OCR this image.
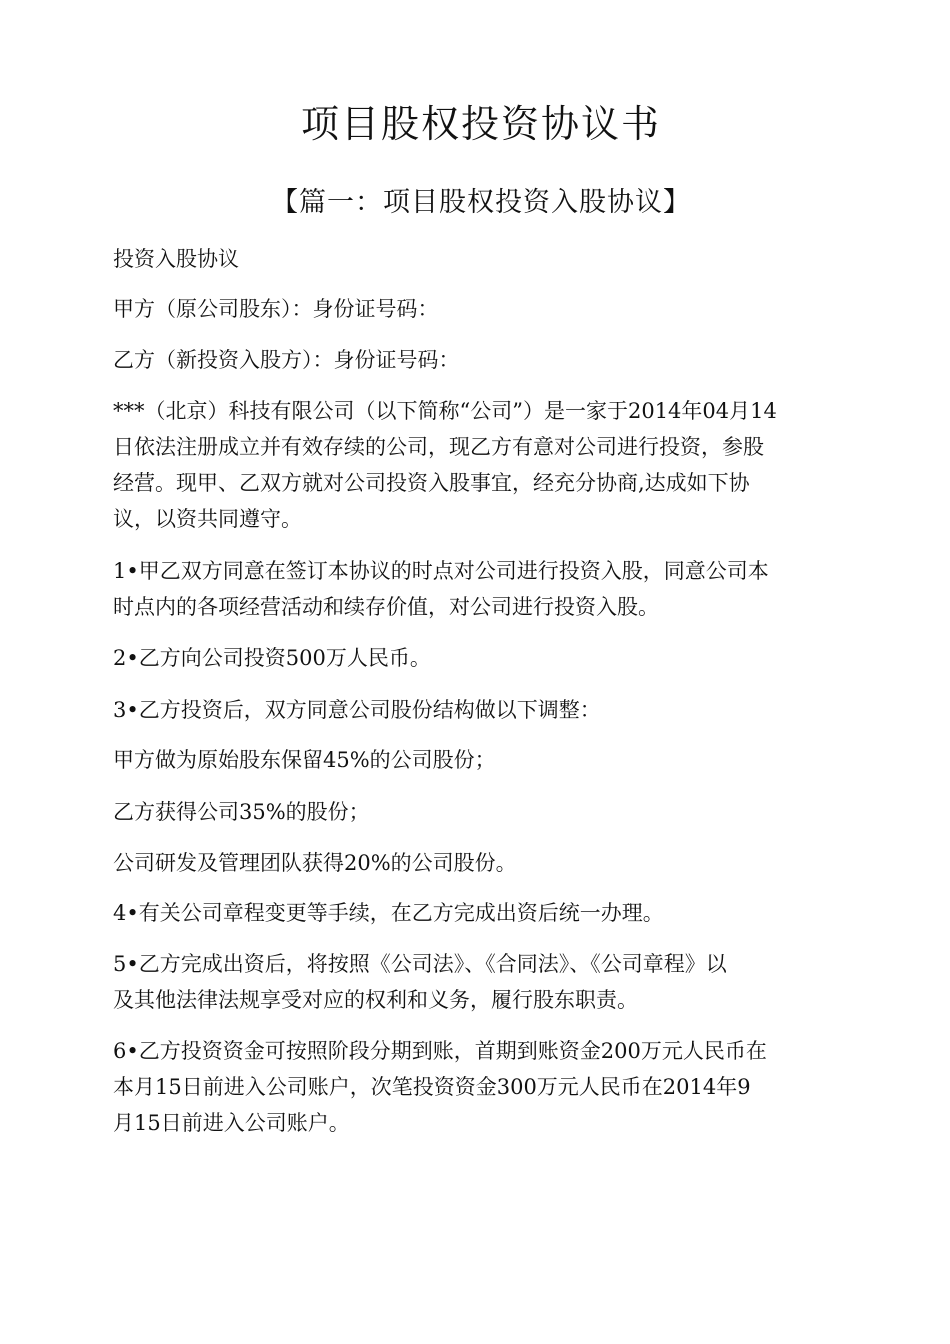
项目股权投资协议书
【篇一：项目股权投资入股协议】

投资入股协议

甲方（原公司股东）：身份证号码：

乙方（新投资入股方）：身份证号码：

***（北京）科技有限公司（以下简称“公司”）是一家于2014年04月14
日依法注册成立并有效存续的公司，现乙方有意对公司进行投资，参股
经营。现甲、乙双方就对公司投资入股事宜，经充分协商,达成如下协
议，以资共同遵守。

1•甲乙双方同意在签订本协议的时点对公司进行投资入股，同意公司本
时点内的各项经营活动和续存价值，对公司进行投资入股。

2•乙方向公司投资500万人民币。

3•乙方投资后，双方同意公司股份结构做以下调整：

甲方做为原始股东保留45%的公司股份；

乙方获得公司35%的股份；

公司研发及管理团队获得20%的公司股份。

4•有关公司章程变更等手续，在乙方完成出资后统一办理。

5•乙方完成出资后，将按照《公司法》、《合同法》、《公司章程》以
及其他法律法规享受对应的权利和义务，履行股东职责。

6•乙方投资资金可按照阶段分期到账，首期到账资金200万元人民币在
本月15日前进入公司账户，次笔投资资金300万元人民币在2014年9
月15日前进入公司账户。
